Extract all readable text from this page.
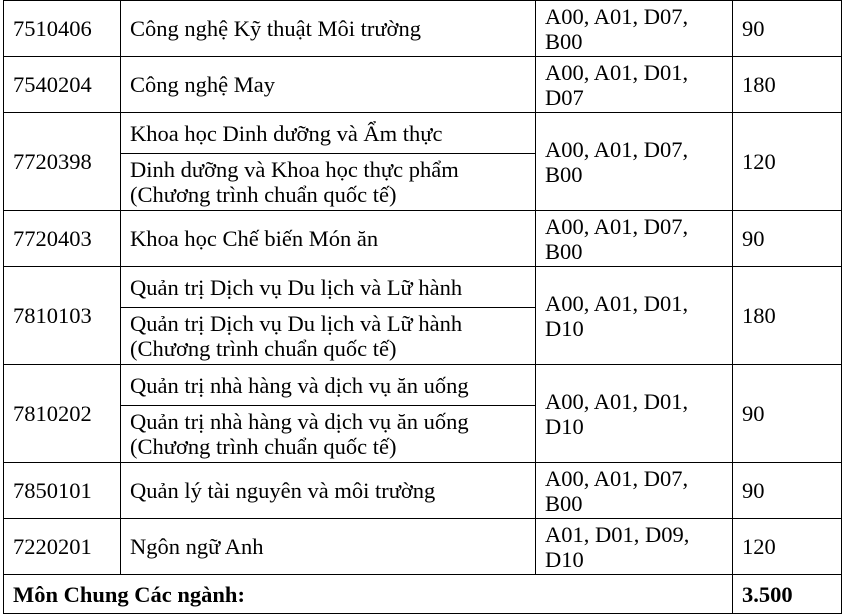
7510406	Công nghệ Kỹ thuật Môi trường	A00, A01, D07, B00	90
7540204	Công nghệ May	A00, A01, D01, D07	180
7720398	Khoa học Dinh dưỡng và Ẩm thực	A00, A01, D07, B00	120

	Dinh dưỡng và Khoa học thực phẩm
(Chương trình chuẩn quốc tế)		

7720403	Khoa học Chế biến Món ăn	A00, A01, D07, B00	90
7810103	Quản trị Dịch vụ Du lịch và Lữ hành	A00, A01, D01, D10	180

	Quản trị Dịch vụ Du lịch và Lữ hành
(Chương trình chuẩn quốc tế)		

7810202	Quản trị nhà hàng và dịch vụ ăn uống	A00, A01, D01, D10	90

	Quản trị nhà hàng và dịch vụ ăn uống
(Chương trình chuẩn quốc tế)		

7850101	Quản lý tài nguyên và môi trường	A00, A01, D07, B00	90
7220201	Ngôn ngữ Anh	A01, D01, D09, D10	120
Môn Chung Các ngành:			3.500
